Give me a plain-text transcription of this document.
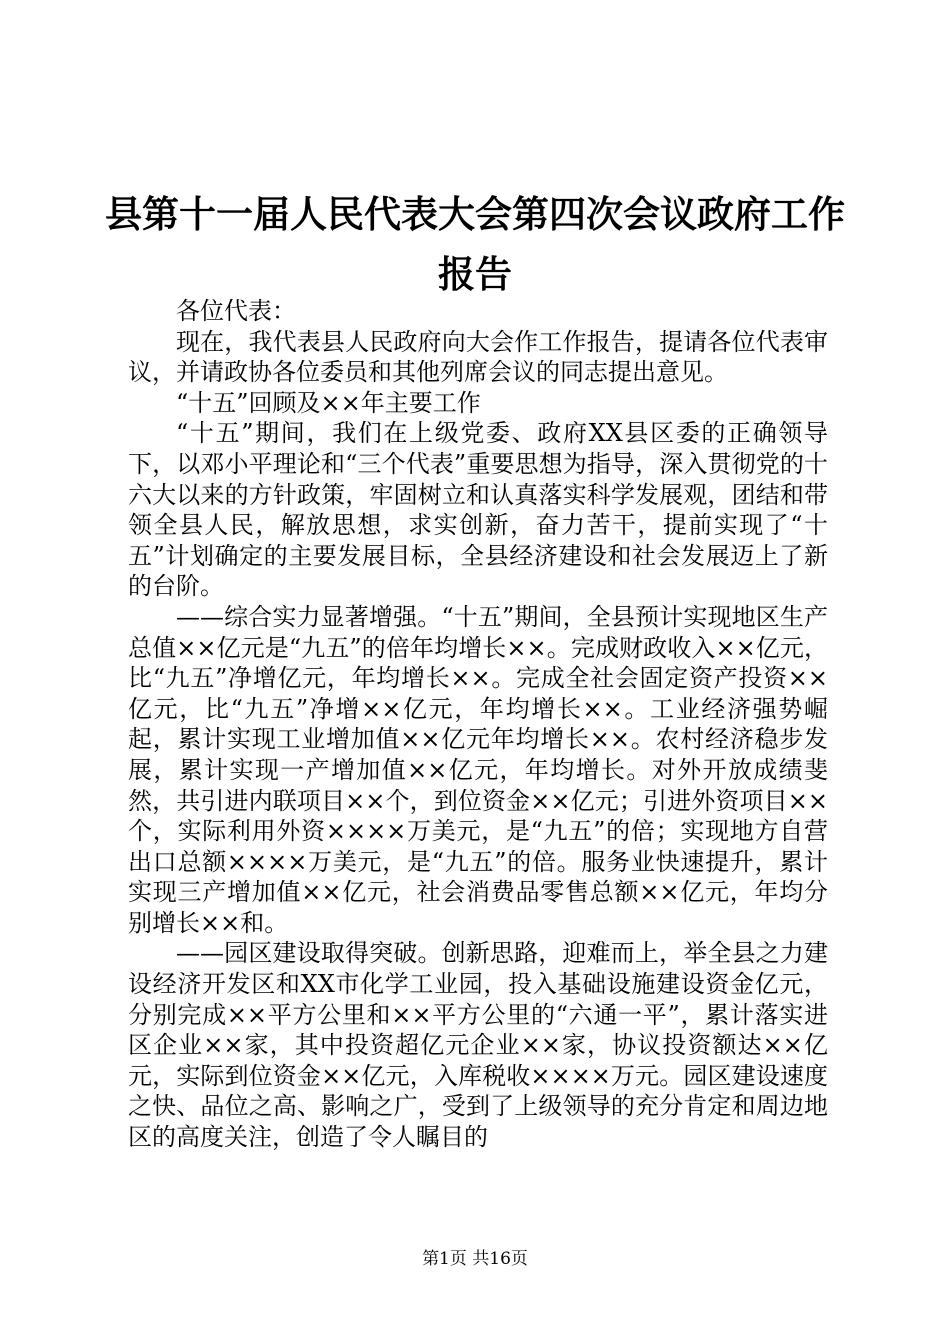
县第十一届人民代表大会第四次会议政府工作
报告

各位代表：

现在，我代表县人民政府向大会作工作报告，提请各位代表审议，并请政协各位委员和其他列席会议的同志提出意见。

“十五”回顾及××年主要工作

“十五”期间，我们在上级党委、政府XX县区委的正确领导下，以邓小平理论和“三个代表”重要思想为指导，深入贯彻党的十六大以来的方针政策，牢固树立和认真落实科学发展观，团结和带领全县人民，解放思想，求实创新，奋力苦干，提前实现了“十五”计划确定的主要发展目标，全县经济建设和社会发展迈上了新的台阶。

——综合实力显著增强。“十五”期间，全县预计实现地区生产总值××亿元是“九五”的倍年均增长××。完成财政收入××亿元，比“九五”净增亿元，年均增长××。完成全社会固定资产投资××亿元，比“九五”净增××亿元，年均增长××。工业经济强势崛起，累计实现工业增加值××亿元年均增长××。农村经济稳步发展，累计实现一产增加值××亿元，年均增长。对外开放成绩斐然，共引进内联项目××个，到位资金××亿元；引进外资项目××个，实际利用外资××××万美元，是“九五”的倍；实现地方自营出口总额××××万美元，是“九五”的倍。服务业快速提升，累计实现三产增加值××亿元，社会消费品零售总额××亿元，年均分别增长××和。

——园区建设取得突破。创新思路，迎难而上，举全县之力建设经济开发区和XX市化学工业园，投入基础设施建设资金亿元，分别完成××平方公里和××平方公里的“六通一平”，累计落实进区企业××家，其中投资超亿元企业××家，协议投资额达××亿元，实际到位资金××亿元，入库税收××××万元。园区建设速度之快、品位之高、影响之广，受到了上级领导的充分肯定和周边地区的高度关注，创造了令人瞩目的

第1页 共16页
